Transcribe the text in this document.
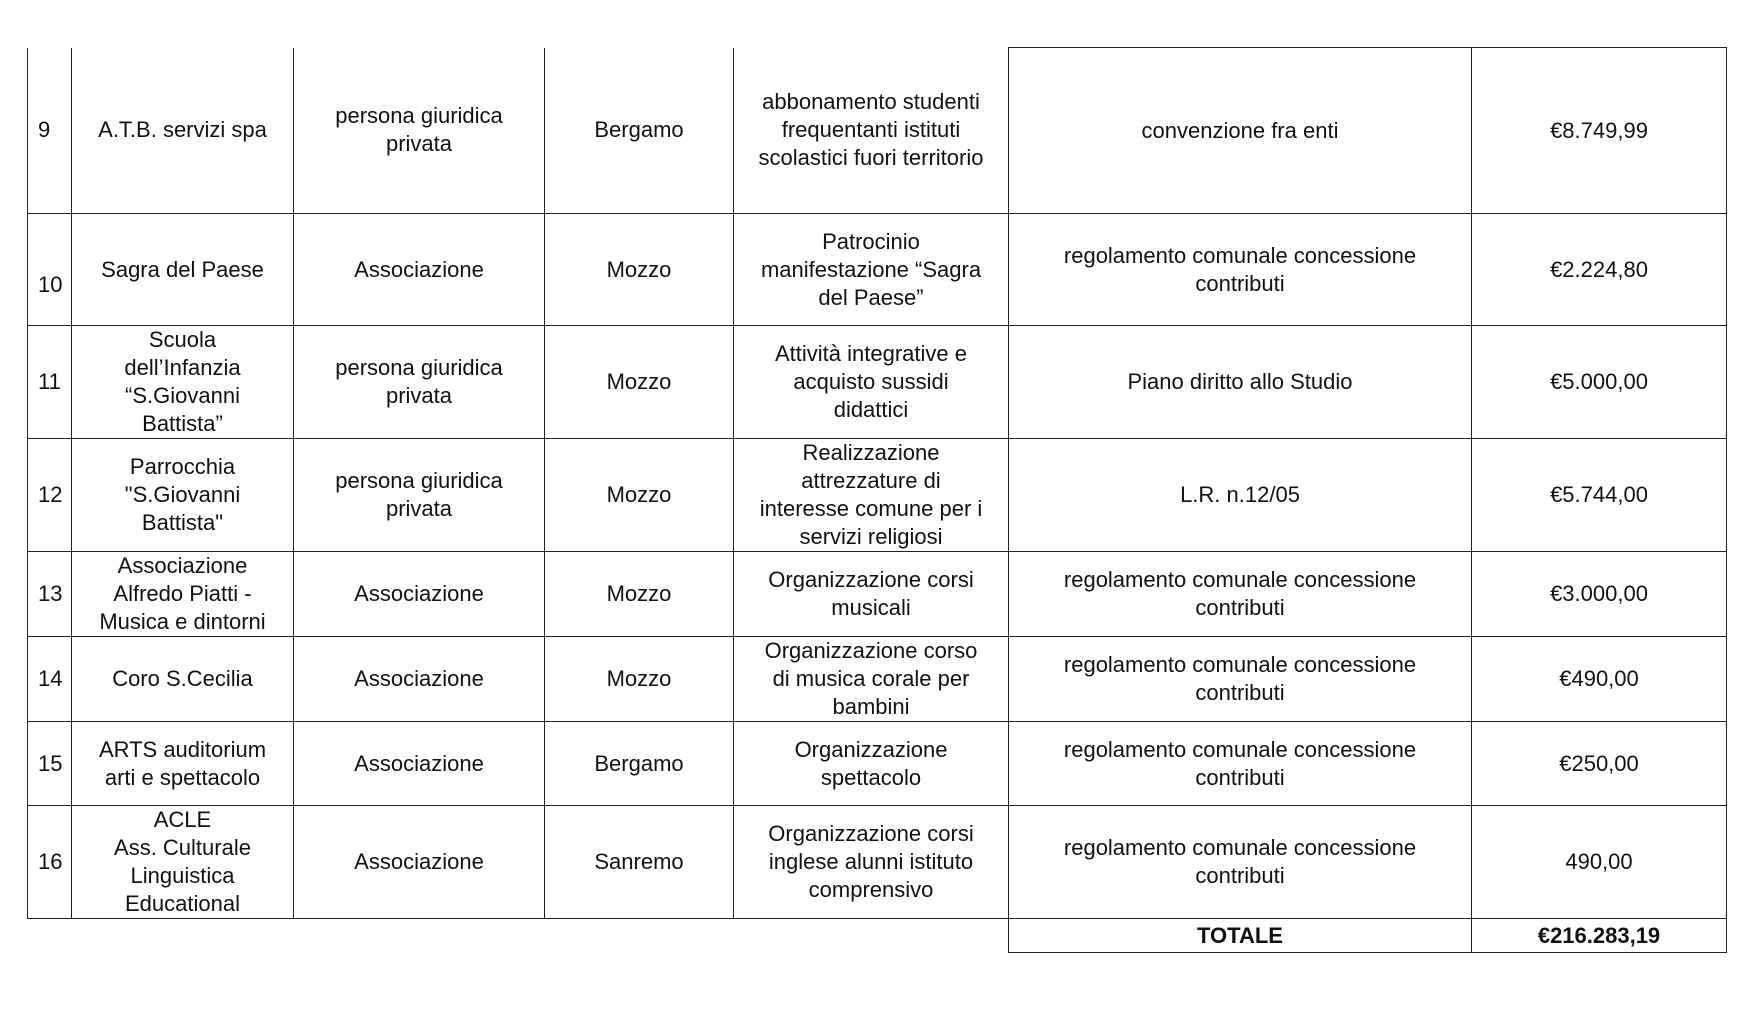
9	A.T.B. servizi spa	persona giuridica
privata	Bergamo	abbonamento studenti
frequentanti istituti
scolastici fuori territorio	convenzione fra enti	€8.749,99
10	Sagra del Paese	Associazione	Mozzo	Patrocinio
manifestazione “Sagra
del Paese”	regolamento comunale concessione
contributi	€2.224,80
11	Scuola
dell’Infanzia
“S.Giovanni
Battista”	persona giuridica
privata	Mozzo	Attività integrative e
acquisto sussidi
didattici	Piano diritto allo Studio	€5.000,00
12	Parrocchia
"S.Giovanni
Battista"	persona giuridica
privata	Mozzo	Realizzazione
attrezzature di
interesse comune per i
servizi religiosi	L.R. n.12/05	€5.744,00
13	Associazione
Alfredo Piatti -
Musica e dintorni	Associazione	Mozzo	Organizzazione corsi
musicali	regolamento comunale concessione
contributi	€3.000,00
14	Coro S.Cecilia	Associazione	Mozzo	Organizzazione corso
di musica corale per
bambini	regolamento comunale concessione
contributi	€490,00
15	ARTS auditorium
arti e spettacolo	Associazione	Bergamo	Organizzazione
spettacolo	regolamento comunale concessione
contributi	€250,00
16	ACLE
Ass. Culturale
Linguistica
Educational	Associazione	Sanremo	Organizzazione corsi
inglese alunni istituto
comprensivo	regolamento comunale concessione
contributi	490,00
					TOTALE	€216.283,19
